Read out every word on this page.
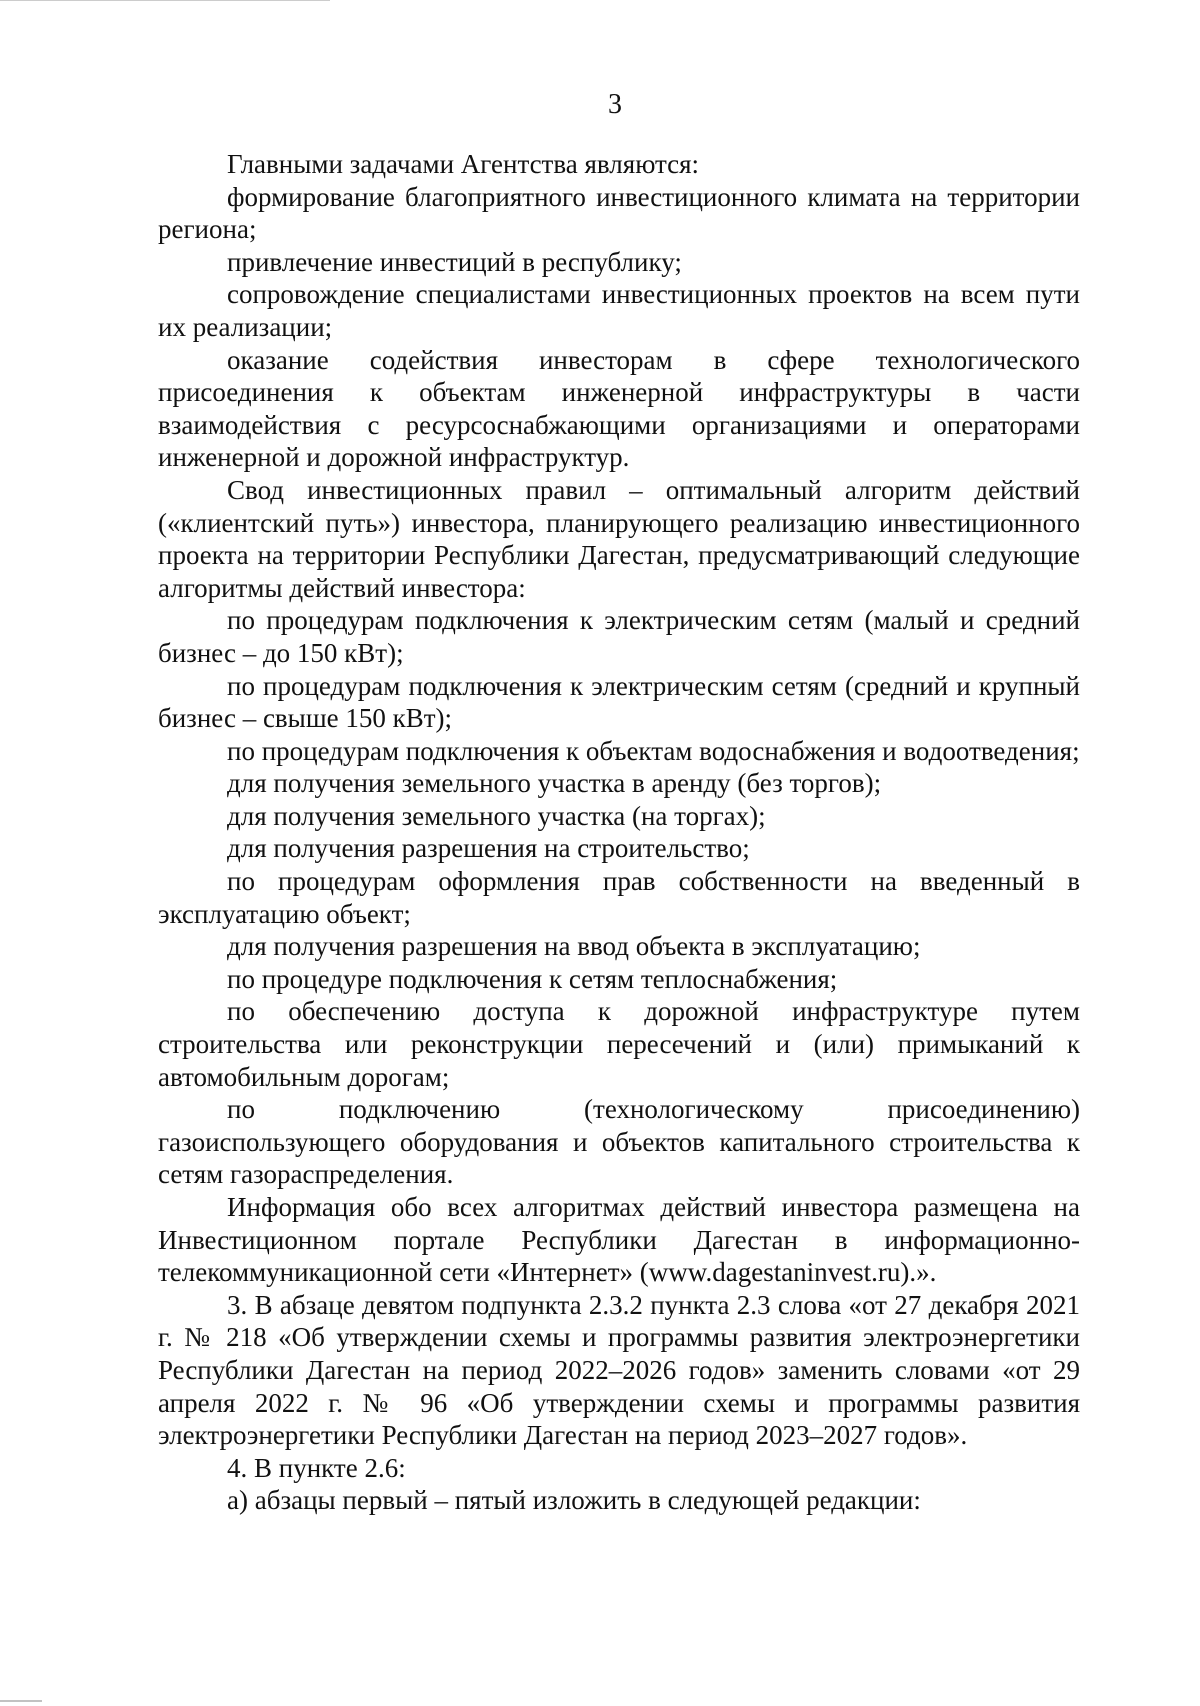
3

Главными задачами Агентства являются:

формирование благоприятного инвестиционного климата на территории региона;

привлечение инвестиций в республику;

сопровождение специалистами инвестиционных проектов на всем пути их реализации;

оказание содействия инвесторам в сфере технологического присоединения к объектам инженерной инфраструктуры в части взаимодействия с ресурсоснабжающими организациями и операторами инженерной и дорожной инфраструктур.

Свод инвестиционных правил – оптимальный алгоритм действий («клиентский путь») инвестора, планирующего реализацию инвестиционного проекта на территории Республики Дагестан, предусматривающий следующие алгоритмы действий инвестора:

по процедурам подключения к электрическим сетям (малый и средний бизнес – до 150 кВт);

по процедурам подключения к электрическим сетям (средний и крупный бизнес – свыше 150 кВт);

по процедурам подключения к объектам водоснабжения и водоотведения;

для получения земельного участка в аренду (без торгов);

для получения земельного участка (на торгах);

для получения разрешения на строительство;

по процедурам оформления прав собственности на введенный в эксплуатацию объект;

для получения разрешения на ввод объекта в эксплуатацию;

по процедуре подключения к сетям теплоснабжения;

по обеспечению доступа к дорожной инфраструктуре путем строительства или реконструкции пересечений и (или) примыканий к автомобильным дорогам;

по подключению (технологическому присоединению) газоиспользующего оборудования и объектов капитального строительства к сетям газораспределения.

Информация обо всех алгоритмах действий инвестора размещена на Инвестиционном портале Республики Дагестан в информационно-телекоммуникационной сети «Интернет» (www.dagestaninvest.ru).».

3. В абзаце девятом подпункта 2.3.2 пункта 2.3 слова «от 27 декабря 2021 г. № 218 «Об утверждении схемы и программы развития электроэнергетики Республики Дагестан на период 2022–2026 годов» заменить словами «от 29 апреля 2022 г. № 96 «Об утверждении схемы и программы развития электроэнергетики Республики Дагестан на период 2023–2027 годов».

4. В пункте 2.6:

а) абзацы первый – пятый изложить в следующей редакции:
